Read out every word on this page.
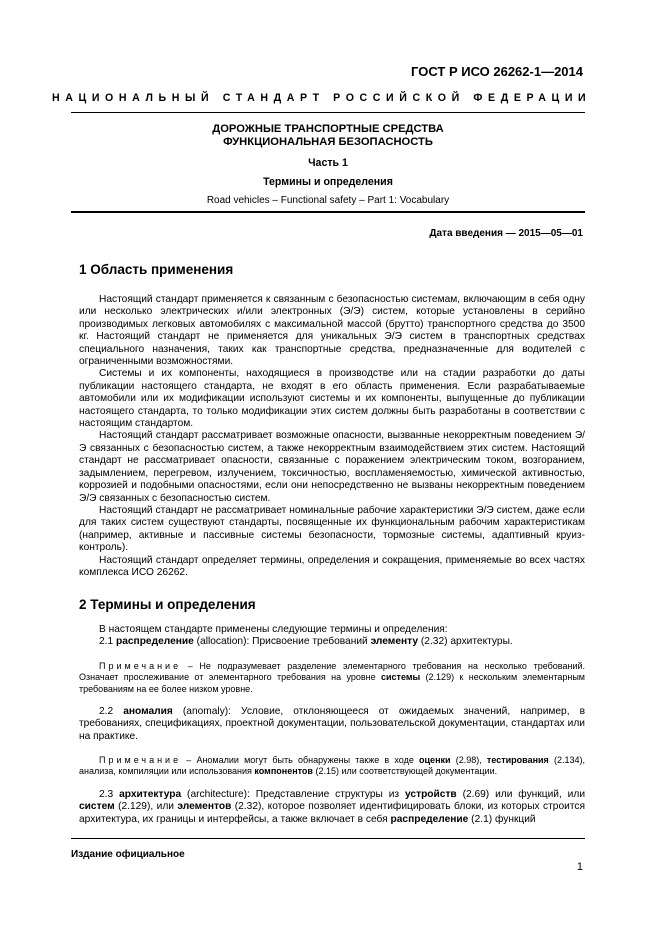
ГОСТ Р ИСО 26262-1—2014
НАЦИОНАЛЬНЫЙ СТАНДАРТ РОССИЙСКОЙ ФЕДЕРАЦИИ
ДОРОЖНЫЕ ТРАНСПОРТНЫЕ СРЕДСТВА
ФУНКЦИОНАЛЬНАЯ БЕЗОПАСНОСТЬ
Часть 1
Термины и определения
Road vehicles – Functional safety – Part 1: Vocabulary
Дата введения — 2015—05—01
1 Область применения

Настоящий стандарт применяется к связанным с безопасностью системам, включающим в себя одну или несколько электрических и/или электронных (Э/Э) систем, которые установлены в серийно производимых легковых автомобилях с максимальной массой (брутто) транспортного средства до 3500 кг. Настоящий стандарт не применяется для уникальных Э/Э систем в транспортных средствах специального назначения, таких как транспортные средства, предназначенные для водителей с ограниченными возможностями.

Системы и их компоненты, находящиеся в производстве или на стадии разработки до даты публикации настоящего стандарта, не входят в его область применения. Если разрабатываемые автомобили или их модификации используют системы и их компоненты, выпущенные до публикации настоящего стандарта, то только модификации этих систем должны быть разработаны в соответствии с настоящим стандартом.

Настоящий стандарт рассматривает возможные опасности, вызванные некорректным поведением Э/Э связанных с безопасностью систем, а также некорректным взаимодействием этих систем. Настоящий стандарт не рассматривает опасности, связанные с поражением электрическим током, возгоранием, задымлением, перегревом, излучением, токсичностью, воспламеняемостью, химической активностью, коррозией и подобными опасностями, если они непосредственно не вызваны некорректным поведением Э/Э связанных с безопасностью систем.

Настоящий стандарт не рассматривает номинальные рабочие характеристики Э/Э систем, даже если для таких систем существуют стандарты, посвященные их функциональным рабочим характеристикам (например, активные и пассивные системы безопасности, тормозные системы, адаптивный круиз-контроль).

Настоящий стандарт определяет термины, определения и сокращения, применяемые во всех частях комплекса ИСО 26262.

2 Термины и определения

В настоящем стандарте применены следующие термины и определения:

2.1 распределение (allocation): Присвоение требований элементу (2.32) архитектуры.

Примечание – Не подразумевает разделение элементарного требования на несколько требований. Означает прослеживание от элементарного требования на уровне системы (2.129) к нескольким элементарным требованиям на ее более низком уровне.

2.2 аномалия (anomaly): Условие, отклоняющееся от ожидаемых значений, например, в требованиях, спецификациях, проектной документации, пользовательской документации, стандартах или на практике.

Примечание – Аномалии могут быть обнаружены также в ходе оценки (2.98), тестирования (2.134), анализа, компиляции или использования компонентов (2.15) или соответствующей документации.

2.3 архитектура (architecture): Представление структуры из устройств (2.69) или функций, или систем (2.129), или элементов (2.32), которое позволяет идентифицировать блоки, из которых строится архитектура, их границы и интерфейсы, а также включает в себя распределение (2.1) функций

Издание официальное
1
